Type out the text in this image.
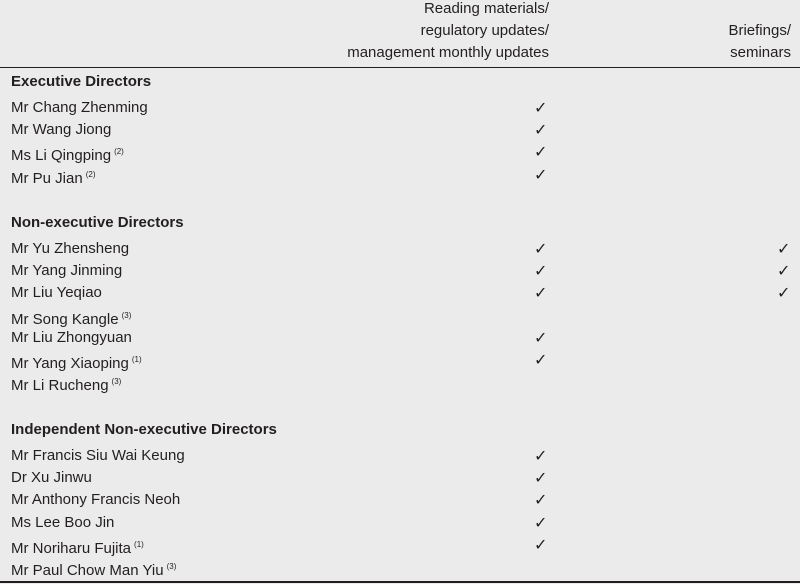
Reading materials/
regulatory updates/
management monthly updates
Briefings/
seminars
Executive Directors
Mr Chang Zhenming	✓
Mr Wang Jiong	✓
Ms Li Qingping $^{(2)}$	✓
Mr Pu Jian $^{(2)}$	✓
Non-executive Directors
Mr Yu Zhensheng	✓	✓
Mr Yang Jinming	✓	✓
Mr Liu Yeqiao	✓	✓
Mr Song Kangle $^{(3)}$
Mr Liu Zhongyuan	✓
Mr Yang Xiaoping $^{(1)}$	✓
Mr Li Rucheng $^{(3)}$
Independent Non-executive Directors
Mr Francis Siu Wai Keung	✓
Dr Xu Jinwu	✓
Mr Anthony Francis Neoh	✓
Ms Lee Boo Jin	✓
Mr Noriharu Fujita $^{(1)}$	✓
Mr Paul Chow Man Yiu $^{(3)}$
